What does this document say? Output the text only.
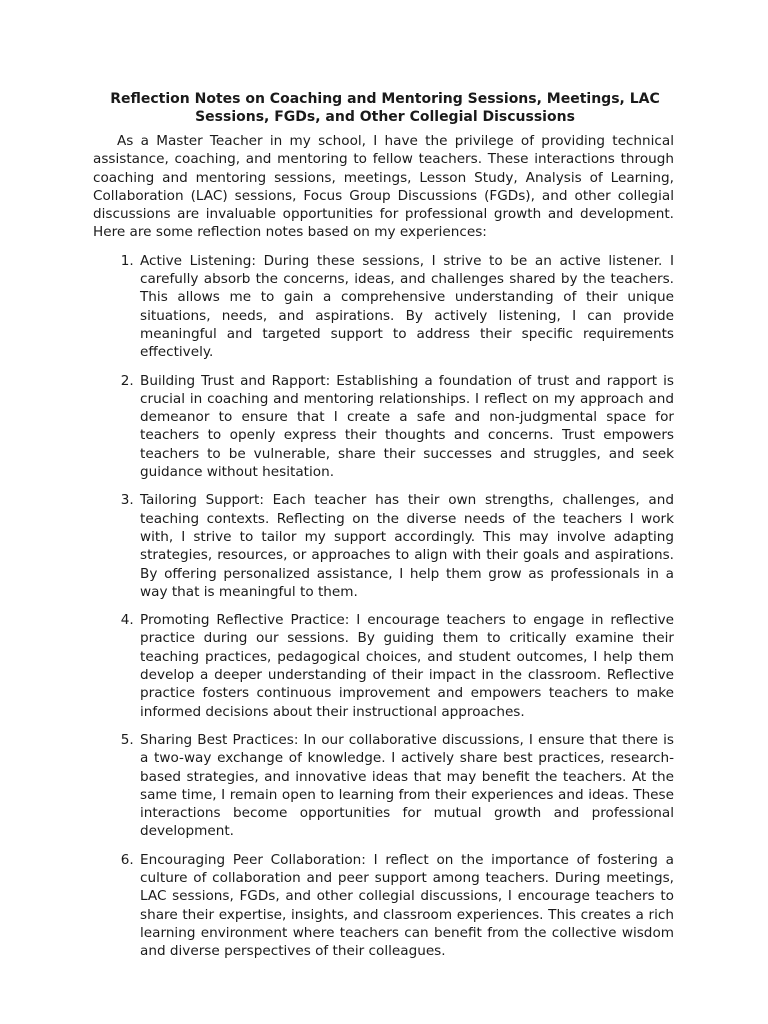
Reflection Notes on Coaching and Mentoring Sessions, Meetings, LAC
Sessions, FGDs, and Other Collegial Discussions

As a Master Teacher in my school, I have the privilege of providing technical assistance, coaching, and mentoring to fellow teachers. These interactions through coaching and mentoring sessions, meetings, Lesson Study, Analysis of Learning, Collaboration (LAC) sessions, Focus Group Discussions (FGDs), and other collegial discussions are invaluable opportunities for professional growth and development. Here are some reflection notes based on my experiences:

1. Active Listening: During these sessions, I strive to be an active listener. I carefully absorb the concerns, ideas, and challenges shared by the teachers. This allows me to gain a comprehensive understanding of their unique situations, needs, and aspirations. By actively listening, I can provide meaningful and targeted support to address their specific requirements effectively.
2. Building Trust and Rapport: Establishing a foundation of trust and rapport is crucial in coaching and mentoring relationships. I reflect on my approach and demeanor to ensure that I create a safe and non-judgmental space for teachers to openly express their thoughts and concerns. Trust empowers teachers to be vulnerable, share their successes and struggles, and seek guidance without hesitation.
3. Tailoring Support: Each teacher has their own strengths, challenges, and teaching contexts. Reflecting on the diverse needs of the teachers I work with, I strive to tailor my support accordingly. This may involve adapting strategies, resources, or approaches to align with their goals and aspirations. By offering personalized assistance, I help them grow as professionals in a way that is meaningful to them.
4. Promoting Reflective Practice: I encourage teachers to engage in reflective practice during our sessions. By guiding them to critically examine their teaching practices, pedagogical choices, and student outcomes, I help them develop a deeper understanding of their impact in the classroom. Reflective practice fosters continuous improvement and empowers teachers to make informed decisions about their instructional approaches.
5. Sharing Best Practices: In our collaborative discussions, I ensure that there is a two-way exchange of knowledge. I actively share best practices, research-based strategies, and innovative ideas that may benefit the teachers. At the same time, I remain open to learning from their experiences and ideas. These interactions become opportunities for mutual growth and professional development.
6. Encouraging Peer Collaboration: I reflect on the importance of fostering a culture of collaboration and peer support among teachers. During meetings, LAC sessions, FGDs, and other collegial discussions, I encourage teachers to share their expertise, insights, and classroom experiences. This creates a rich learning environment where teachers can benefit from the collective wisdom and diverse perspectives of their colleagues.
